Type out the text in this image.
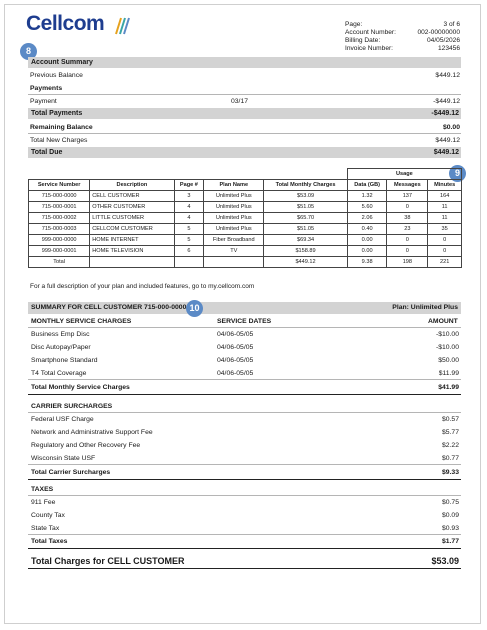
Cellcom	Page:	3 of 6
Account Number:	002-00000000
Billing Date:	04/05/2026
Invoice Number:	123456
8
Account Summary
Previous Balance	$449.12
Payments
Payment	03/17	-$449.12
Total Payments	-$449.12
Remaining Balance	$0.00
Total New Charges	$449.12
Total Due	$449.12
9
					Usage		
Service Number	Description	Page #	Plan Name	Total Monthly Charges	Data (GB)	Messages	Minutes
715-000-0000	CELL CUSTOMER	3	Unlimited Plus	$53.09	1.32	137	164
715-000-0001	OTHER CUSTOMER	4	Unlimited Plus	$51.05	5.60	0	11
715-000-0002	LITTLE CUSTOMER	4	Unlimited Plus	$65.70	2.06	38	11
715-000-0003	CELLCOM CUSTOMER	5	Unlimited Plus	$51.05	0.40	23	35
999-000-0000	HOME INTERNET	5	Fiber Broadband	$69.34	0.00	0	0
999-000-0001	HOME TELEVISION	6	TV	$158.89	0.00	0	0
Total				$449.12	9.38	198	221
For a full description of your plan and included features, go to my.cellcom.com
SUMMARY FOR CELL CUSTOMER 715-000-0000	Plan: Unlimited Plus
10
MONTHLY SERVICE CHARGES	SERVICE DATES	AMOUNT
Business Emp Disc	04/06-05/05	-$10.00
Disc Autopay/Paper	04/06-05/05	-$10.00
Smartphone Standard	04/06-05/05	$50.00
T4 Total Coverage	04/06-05/05	$11.99
Total Monthly Service Charges	$41.99
CARRIER SURCHARGES
Federal USF Charge	$0.57
Network and Administrative Support Fee	$5.77
Regulatory and Other Recovery Fee	$2.22
Wisconsin State USF	$0.77
Total Carrier Surcharges	$9.33
TAXES
911 Fee	$0.75
County Tax	$0.09
State Tax	$0.93
Total Taxes	$1.77
Total Charges for CELL CUSTOMER	$53.09
